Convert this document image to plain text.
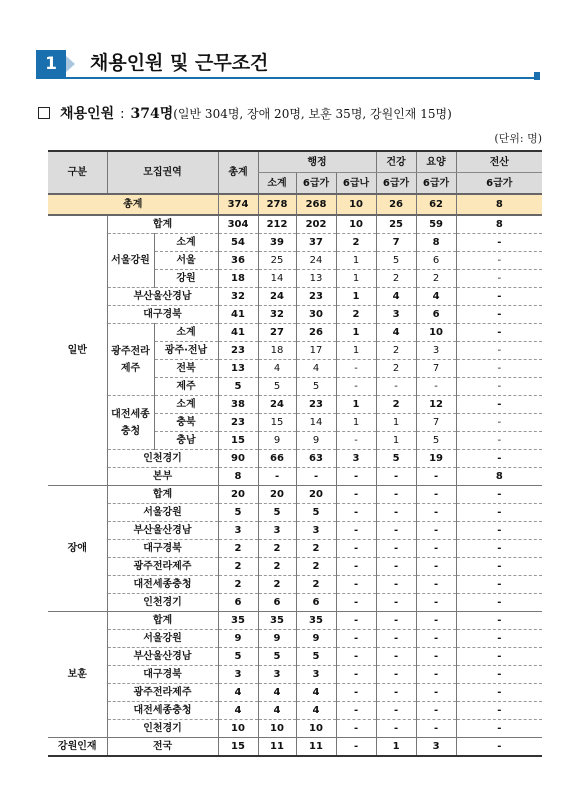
1	채용인원 및 근무조건
채용인원 : 374명(일반 304명, 장애 20명, 보훈 35명, 강원인재 15명)
(단위: 명)
구분	모집권역		총계	행정			건강	요양	전산
				소계	6급가	6급나	6급가	6급가	6급가
총계			374	278	268	10	26	62	8
일반	합계		304	212	202	10	25	59	8
	서울강원	소계	54	39	37	2	7	8	-
		서울	36	25	24	1	5	6	-
		강원	18	14	13	1	2	2	-
	부산울산경남		32	24	23	1	4	4	-
	대구경북		41	32	30	2	3	6	-
	광주전라제주	소계	41	27	26	1	4	10	-
		광주·전남	23	18	17	1	2	3	-
		전북	13	4	4	-	2	7	-
		제주	5	5	5	-	-	-	-
	대전세종충청	소계	38	24	23	1	2	12	-
		충북	23	15	14	1	1	7	-
		충남	15	9	9	-	1	5	-
	인천경기		90	66	63	3	5	19	-
	본부		8	-	-	-	-	-	8
장애	합계		20	20	20	-	-	-	-
	서울강원		5	5	5	-	-	-	-
	부산울산경남		3	3	3	-	-	-	-
	대구경북		2	2	2	-	-	-	-
	광주전라제주		2	2	2	-	-	-	-
	대전세종충청		2	2	2	-	-	-	-
	인천경기		6	6	6	-	-	-	-
보훈	합계		35	35	35	-	-	-	-
	서울강원		9	9	9	-	-	-	-
	부산울산경남		5	5	5	-	-	-	-
	대구경북		3	3	3	-	-	-	-
	광주전라제주		4	4	4	-	-	-	-
	대전세종충청		4	4	4	-	-	-	-
	인천경기		10	10	10	-	-	-	-
강원인재	전국		15	11	11	-	1	3	-
